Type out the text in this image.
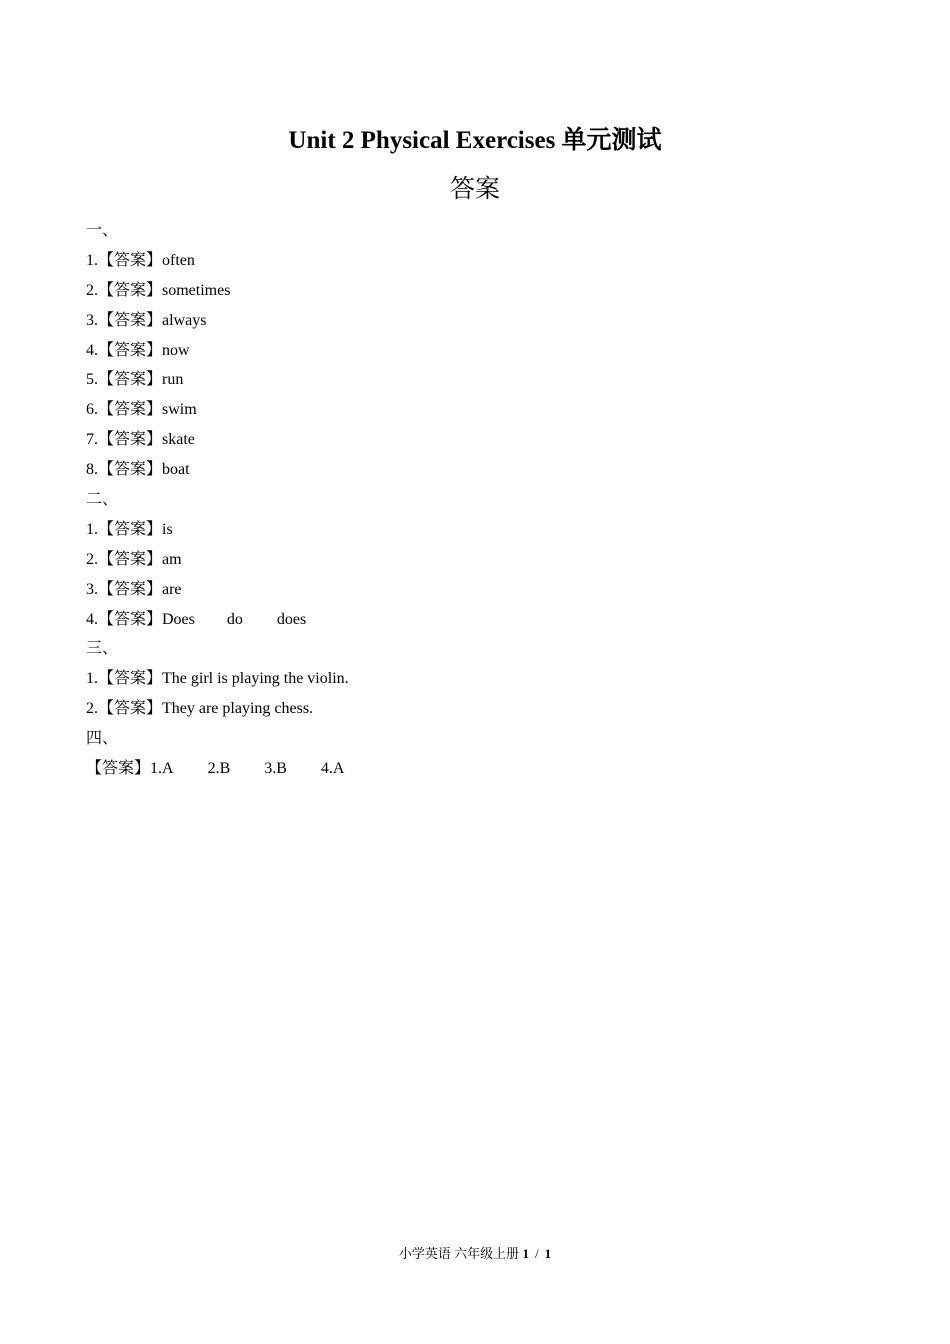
Unit 2 Physical Exercises 单元测试
答案
一、
1.【答案】often
2.【答案】sometimes
3.【答案】always
4.【答案】now
5.【答案】run
6.【答案】swim
7.【答案】skate
8.【答案】boat
二、
1.【答案】is
2.【答案】am
3.【答案】are
4.【答案】Does do does
三、
1.【答案】The girl is playing the violin.
2.【答案】They are playing chess.
四、
【答案】1.A 2.B 3.B 4.A
小学英语 六年级上册 1 / 1
